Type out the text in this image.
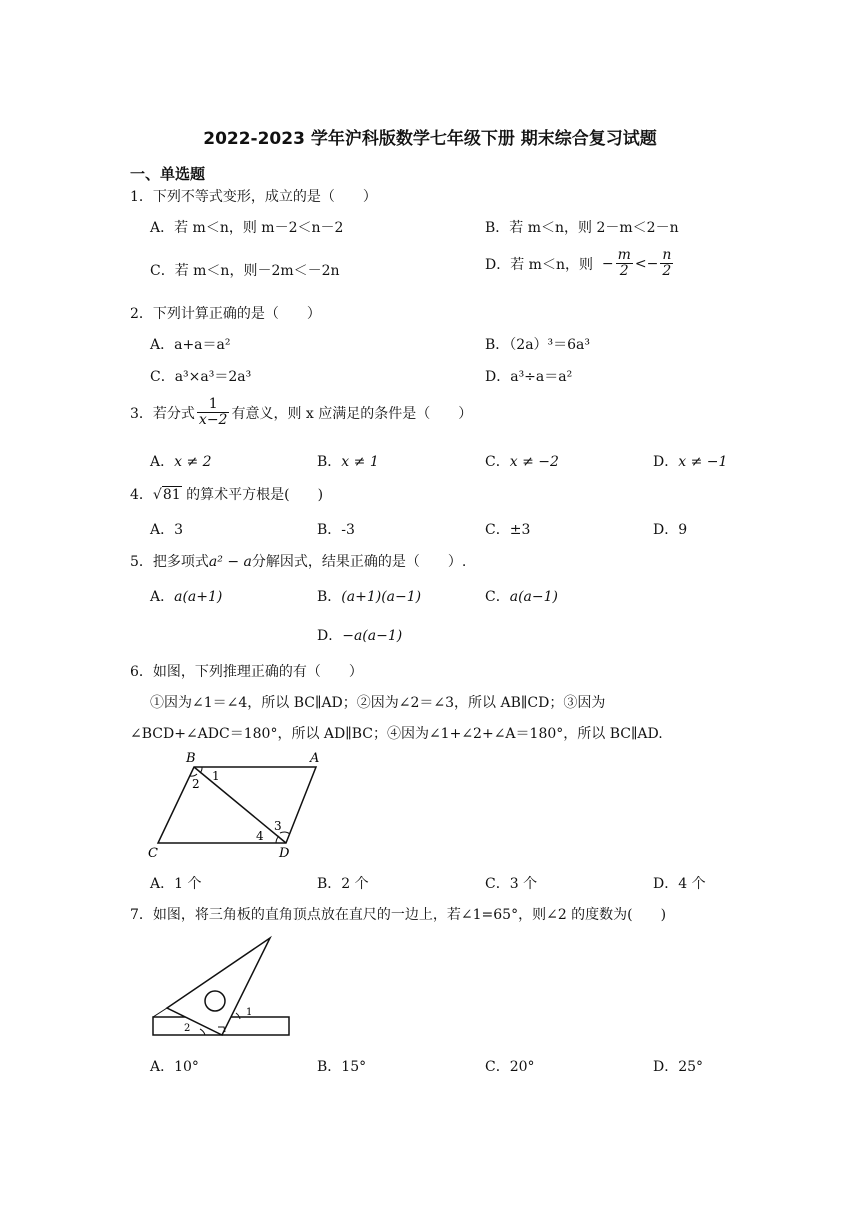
2022-2023 学年沪科版数学七年级下册 期末综合复习试题
一、单选题
1．下列不等式变形，成立的是（　　）
A．若 m＜n，则 m－2＜n－2	B．若 m＜n，则 2－m＜2－n
C．若 m＜n，则－2m＜－2n	D．若 m＜n，则  − $\frac{m}{2} <- \frac{n}{2}$
2．下列计算正确的是（　　）
A．a+a＝a²	B．（2a）³＝6a³
C．a³×a³＝2a³	D．a³÷a＝a²
3．若分式 $\frac{1}{x-2}$ 有意义，则 x 应满足的条件是（　　）
A．x ≠ 2	B．x ≠ 1	C．x ≠ −2	D．x ≠ −1
4．√81 的算术平方根是(　　)
A．3	B．-3	C．±3	D．9
5．把多项式a² − a分解因式，结果正确的是（　　）.
A．a(a+1)	B．(a+1)(a−1)	C．a(a−1)
D．−a(a−1)
6．如图，下列推理正确的有（　　）
①因为∠1＝∠4，所以 BC∥AD；②因为∠2＝∠3，所以 AB∥CD；③因为
∠BCD+∠ADC＝180°，所以 AD∥BC；④因为∠1+∠2+∠A＝180°，所以 BC∥AD.
B	A
C	D
1
2
3
4
A．1 个	B．2 个	C．3 个	D．4 个
7．如图，将三角板的直角顶点放在直尺的一边上，若∠1=65°，则∠2 的度数为(　　)
1
2
A．10°	B．15°	C．20°	D．25°
